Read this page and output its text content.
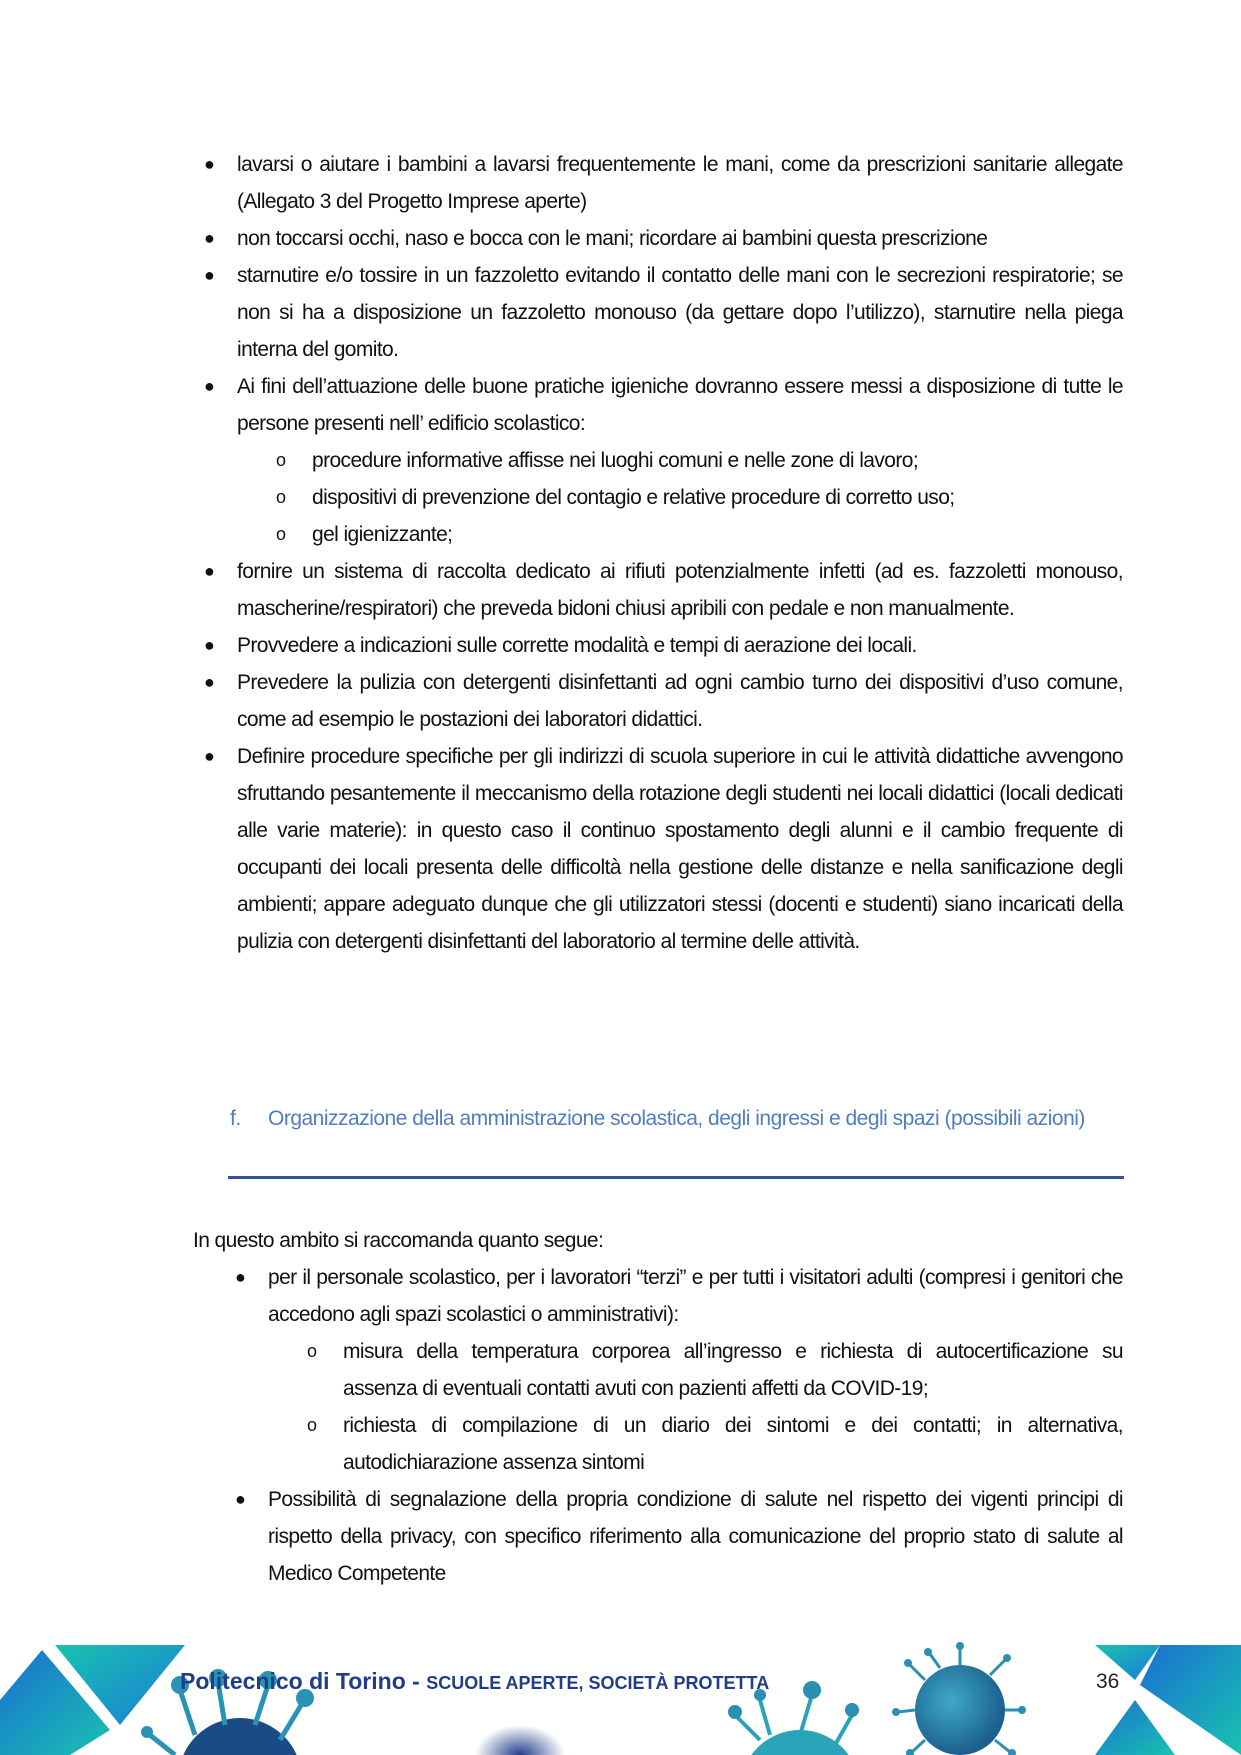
● lavarsi o aiutare i bambini a lavarsi frequentemente le mani, come da prescrizioni sanitarie allegate (Allegato 3 del Progetto Imprese aperte)
● non toccarsi occhi, naso e bocca con le mani; ricordare ai bambini questa prescrizione
● starnutire e/o tossire in un fazzoletto evitando il contatto delle mani con le secrezioni respiratorie; se non si ha a disposizione un fazzoletto monouso (da gettare dopo l’utilizzo), starnutire nella piega interna del gomito.
● Ai fini dell’attuazione delle buone pratiche igieniche dovranno essere messi a disposizione di tutte le persone presenti nell’ edificio scolastico:
o procedure informative affisse nei luoghi comuni e nelle zone di lavoro;
o dispositivi di prevenzione del contagio e relative procedure di corretto uso;
o gel igienizzante;
● fornire un sistema di raccolta dedicato ai rifiuti potenzialmente infetti (ad es. fazzoletti monouso, mascherine/respiratori) che preveda bidoni chiusi apribili con pedale e non manualmente.
● Provvedere a indicazioni sulle corrette modalità e tempi di aerazione dei locali.
● Prevedere la pulizia con detergenti disinfettanti ad ogni cambio turno dei dispositivi d’uso comune, come ad esempio le postazioni dei laboratori didattici.
● Definire procedure specifiche per gli indirizzi di scuola superiore in cui le attività didattiche avvengono sfruttando pesantemente il meccanismo della rotazione degli studenti nei locali didattici (locali dedicati alle varie materie): in questo caso il continuo spostamento degli alunni e il cambio frequente di occupanti dei locali presenta delle difficoltà nella gestione delle distanze e nella sanificazione degli ambienti; appare adeguato dunque che gli utilizzatori stessi (docenti e studenti) siano incaricati della pulizia con detergenti disinfettanti del laboratorio al termine delle attività.
f. Organizzazione della amministrazione scolastica, degli ingressi e degli spazi (possibili azioni)
In questo ambito si raccomanda quanto segue:
● per il personale scolastico, per i lavoratori “terzi” e per tutti i visitatori adulti (compresi i genitori che accedono agli spazi scolastici o amministrativi):
o misura della temperatura corporea all’ingresso e richiesta di autocertificazione su assenza di eventuali contatti avuti con pazienti affetti da COVID-19;
o richiesta di compilazione di un diario dei sintomi e dei contatti; in alternativa, autodichiarazione assenza sintomi
● Possibilità di segnalazione della propria condizione di salute nel rispetto dei vigenti principi di rispetto della privacy, con specifico riferimento alla comunicazione del proprio stato di salute al Medico Competente
Politecnico di Torino - SCUOLE APERTE, SOCIETÀ PROTETTA	36
